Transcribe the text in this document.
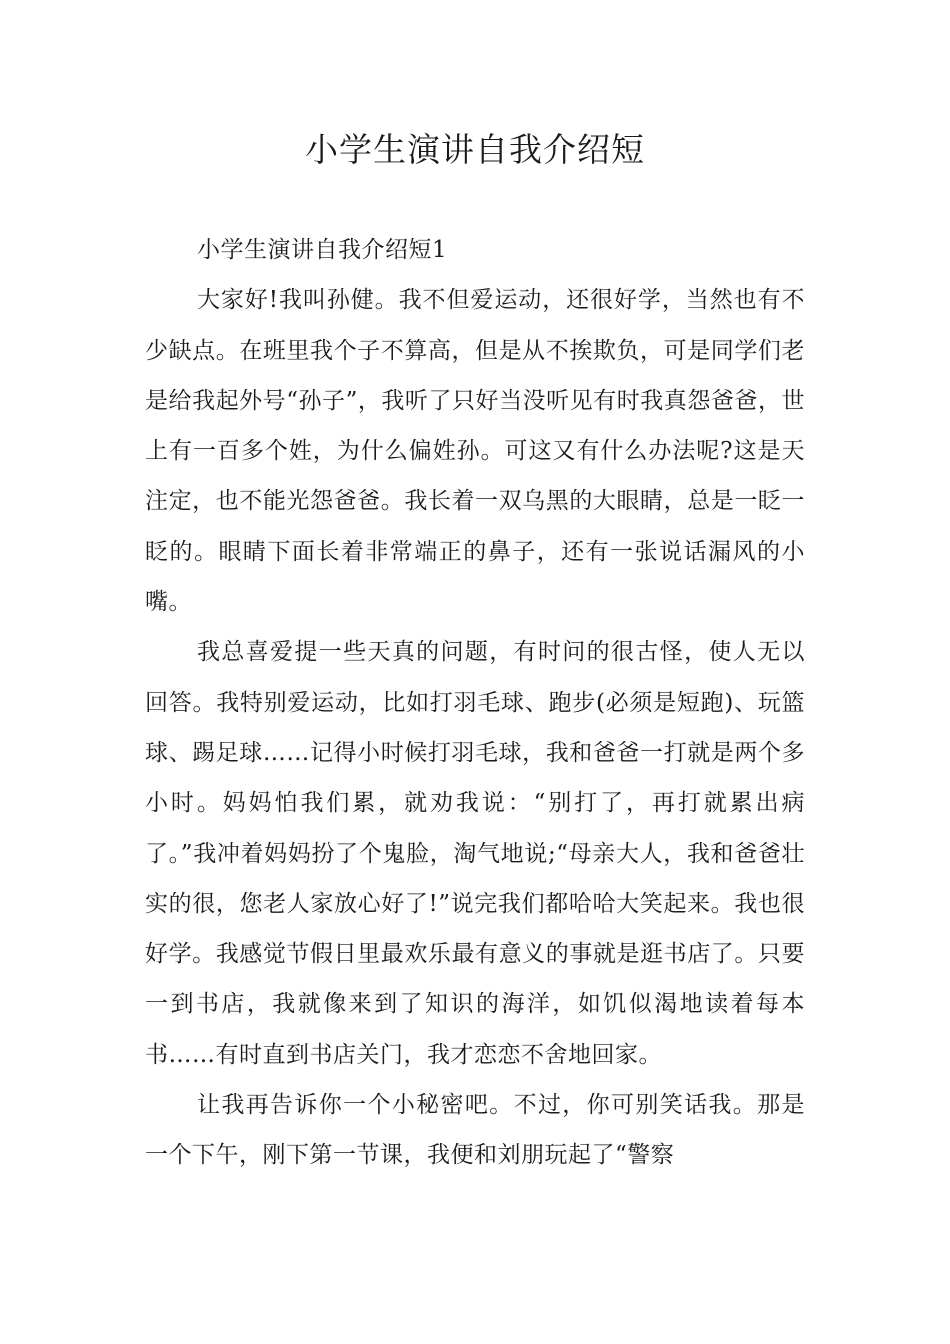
小学生演讲自我介绍短

小学生演讲自我介绍短1

大家好!我叫孙健。我不但爱运动，还很好学，当然也有不少缺点。在班里我个子不算高，但是从不挨欺负，可是同学们老是给我起外号“孙子”，我听了只好当没听见有时我真怨爸爸，世上有一百多个姓，为什么偏姓孙。可这又有什么办法呢?这是天注定，也不能光怨爸爸。我长着一双乌黑的大眼睛，总是一眨一眨的。眼睛下面长着非常端正的鼻子，还有一张说话漏风的小嘴。

我总喜爱提一些天真的问题，有时问的很古怪，使人无以回答。我特别爱运动，比如打羽毛球、跑步(必须是短跑)、玩篮球、踢足球……记得小时候打羽毛球，我和爸爸一打就是两个多小时。妈妈怕我们累，就劝我说：“别打了，再打就累出病了。”我冲着妈妈扮了个鬼脸，淘气地说;“母亲大人，我和爸爸壮实的很，您老人家放心好了!”说完我们都哈哈大笑起来。我也很好学。我感觉节假日里最欢乐最有意义的事就是逛书店了。只要一到书店，我就像来到了知识的海洋，如饥似渴地读着每本书……有时直到书店关门，我才恋恋不舍地回家。

让我再告诉你一个小秘密吧。不过，你可别笑话我。那是一个下午，刚下第一节课，我便和刘朋玩起了“警察
